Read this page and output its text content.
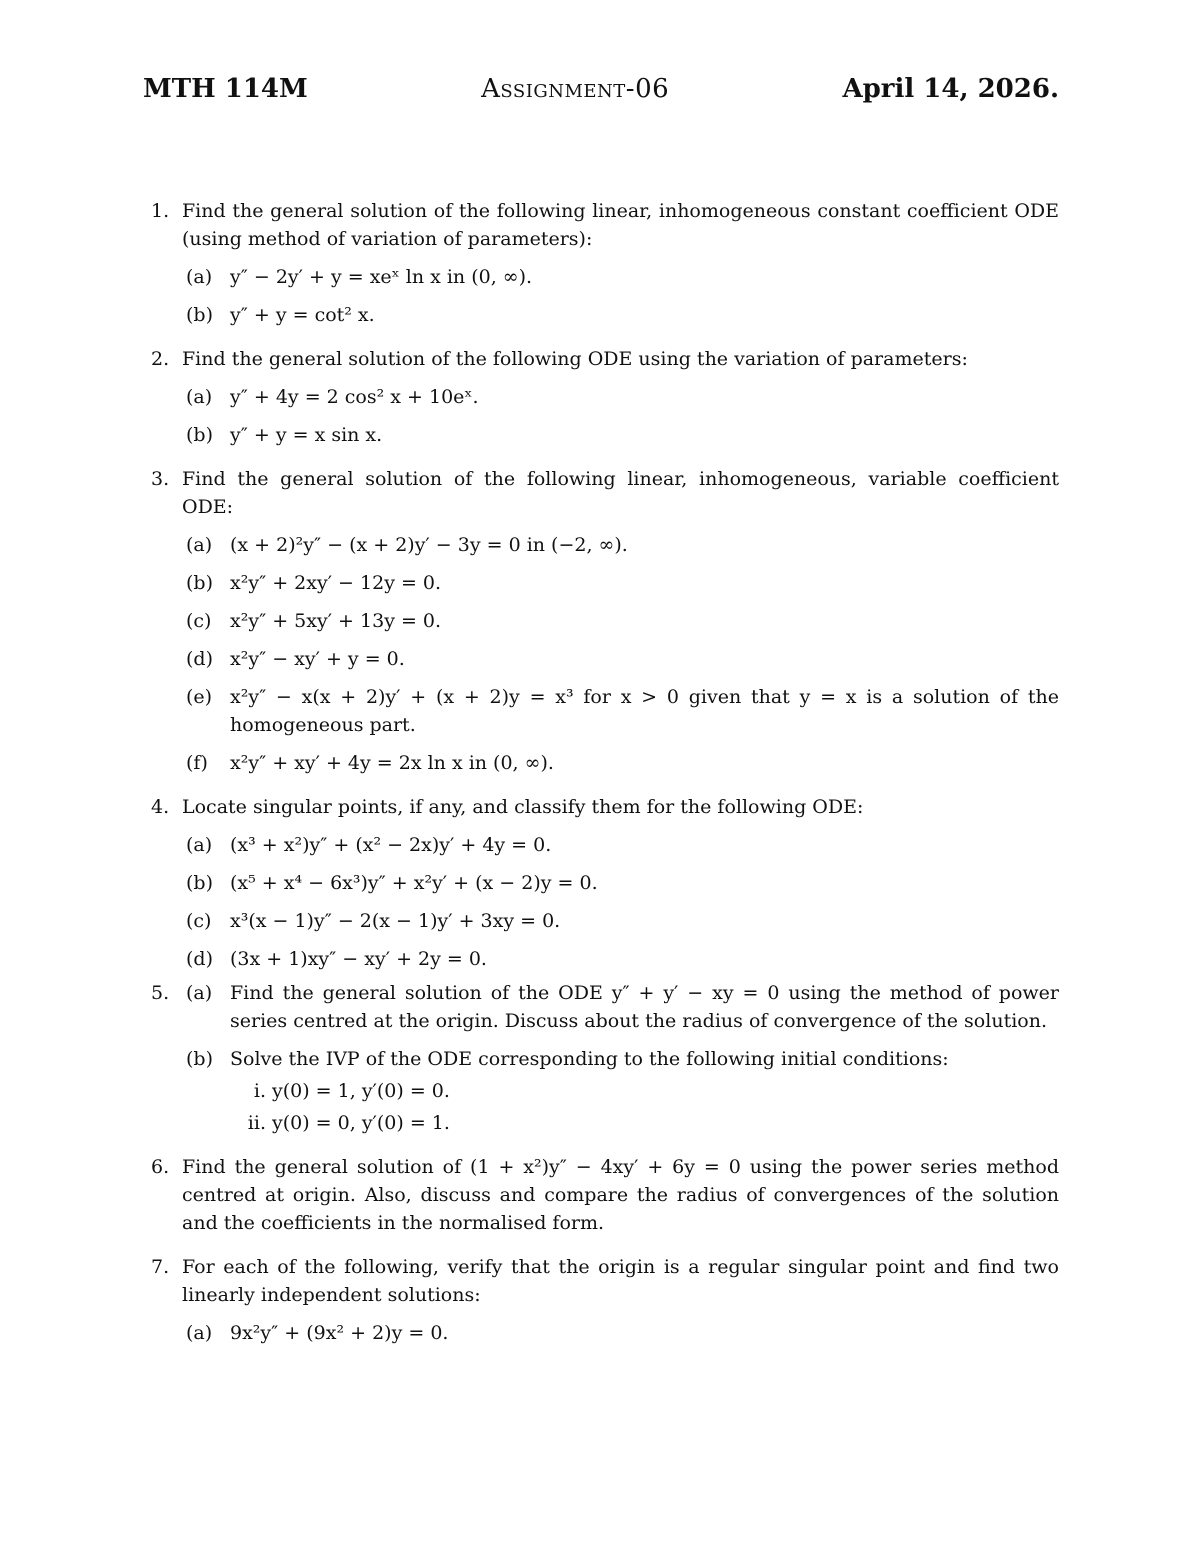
MTH 114M	Assignment-06	April 14, 2026.
1. Find the general solution of the following linear, inhomogeneous constant coefficient ODE (using method of variation of parameters):
(a) y″ − 2y′ + y = xeˣ ln x in (0, ∞).
(b) y″ + y = cot² x.
2. Find the general solution of the following ODE using the variation of parameters:
(a) y″ + 4y = 2 cos² x + 10eˣ.
(b) y″ + y = x sin x.
3. Find the general solution of the following linear, inhomogeneous, variable coefficient ODE:
(a) (x + 2)²y″ − (x + 2)y′ − 3y = 0 in (−2, ∞).
(b) x²y″ + 2xy′ − 12y = 0.
(c) x²y″ + 5xy′ + 13y = 0.
(d) x²y″ − xy′ + y = 0.
(e) x²y″ − x(x + 2)y′ + (x + 2)y = x³ for x > 0 given that y = x is a solution of the homogeneous part.
(f) x²y″ + xy′ + 4y = 2x ln x in (0, ∞).
4. Locate singular points, if any, and classify them for the following ODE:
(a) (x³ + x²)y″ + (x² − 2x)y′ + 4y = 0.
(b) (x⁵ + x⁴ − 6x³)y″ + x²y′ + (x − 2)y = 0.
(c) x³(x − 1)y″ − 2(x − 1)y′ + 3xy = 0.
(d) (3x + 1)xy″ − xy′ + 2y = 0.
5. (a) Find the general solution of the ODE y″ + y′ − xy = 0 using the method of power series centred at the origin. Discuss about the radius of convergence of the solution.
(b) Solve the IVP of the ODE corresponding to the following initial conditions:
i. y(0) = 1, y′(0) = 0.
ii. y(0) = 0, y′(0) = 1.
6. Find the general solution of (1 + x²)y″ − 4xy′ + 6y = 0 using the power series method centred at origin. Also, discuss and compare the radius of convergences of the solution and the coefficients in the normalised form.
7. For each of the following, verify that the origin is a regular singular point and find two linearly independent solutions:
(a) 9x²y″ + (9x² + 2)y = 0.
